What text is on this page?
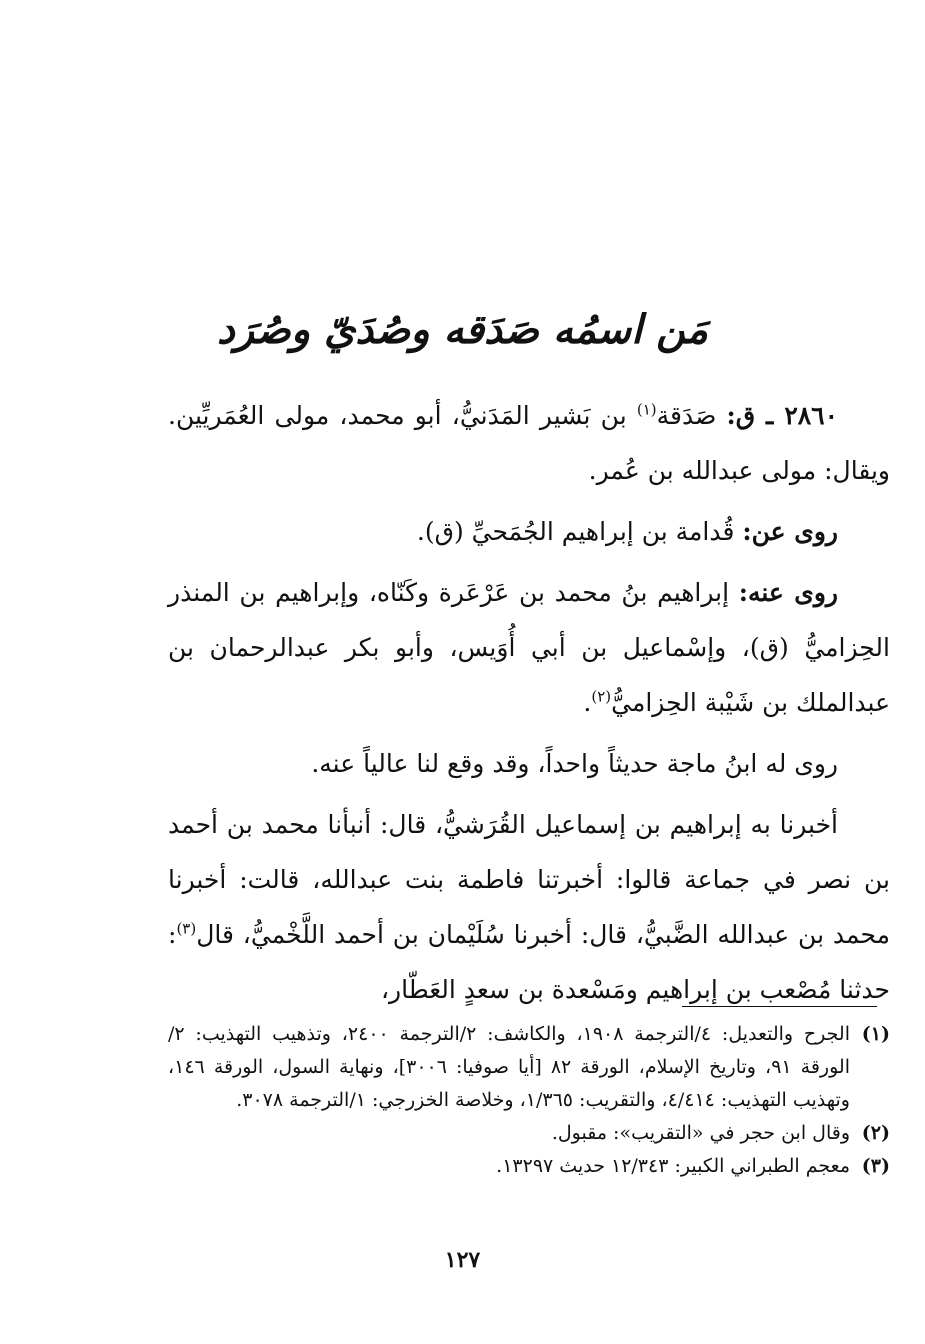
مَن اسمُه صَدَقه وصُدَيّ وصُرَد

٢٨٦٠ ـ ق: صَدَقة$^{(١)}$ بن بَشير المَدَنيُّ، أبو محمد، مولى العُمَريِّين. ويقال: مولى عبدالله بن عُمر.

روى عن: قُدامة بن إبراهيم الجُمَحيِّ (ق).

روى عنه: إبراهيم بنُ محمد بن عَرْعَرة وكَنّاه، وإبراهيم بن المنذر الحِزاميُّ (ق)، وإسْماعيل بن أبي أُوَيس، وأبو بكر عبدالرحمان بن عبدالملك بن شَيْبة الحِزاميُّ$^{(٢)}$.

روى له ابنُ ماجة حديثاً واحداً، وقد وقع لنا عالياً عنه.

أخبرنا به إبراهيم بن إسماعيل القُرَشيُّ، قال: أنبأنا محمد بن أحمد بن نصر في جماعة قالوا: أخبرتنا فاطمة بنت عبدالله، قالت: أخبرنا محمد بن عبدالله الضَّبيُّ، قال: أخبرنا سُلَيْمان بن أحمد اللَّخْميُّ، قال$^{(٣)}$: حدثنا مُصْعب بن إبراهيم ومَسْعدة بن سعدٍ العَطّار،

(١)
الجرح والتعديل: ٤/الترجمة ١٩٠٨، والكاشف: ٢/الترجمة ٢٤٠٠، وتذهيب التهذيب: ٢/الورقة ٩١، وتاريخ الإسلام، الورقة ٨٢ [أيا صوفيا: ٣٠٠٦]، ونهاية السول، الورقة ١٤٦، وتهذيب التهذيب: ٤/٤١٤، والتقريب: ١/٣٦٥، وخلاصة الخزرجي: ١/الترجمة ٣٠٧٨.
(٢)
وقال ابن حجر في «التقريب»: مقبول.
(٣)
معجم الطبراني الكبير: ١٢/٣٤٣ حديث ١٣٢٩٧.
١٢٧
